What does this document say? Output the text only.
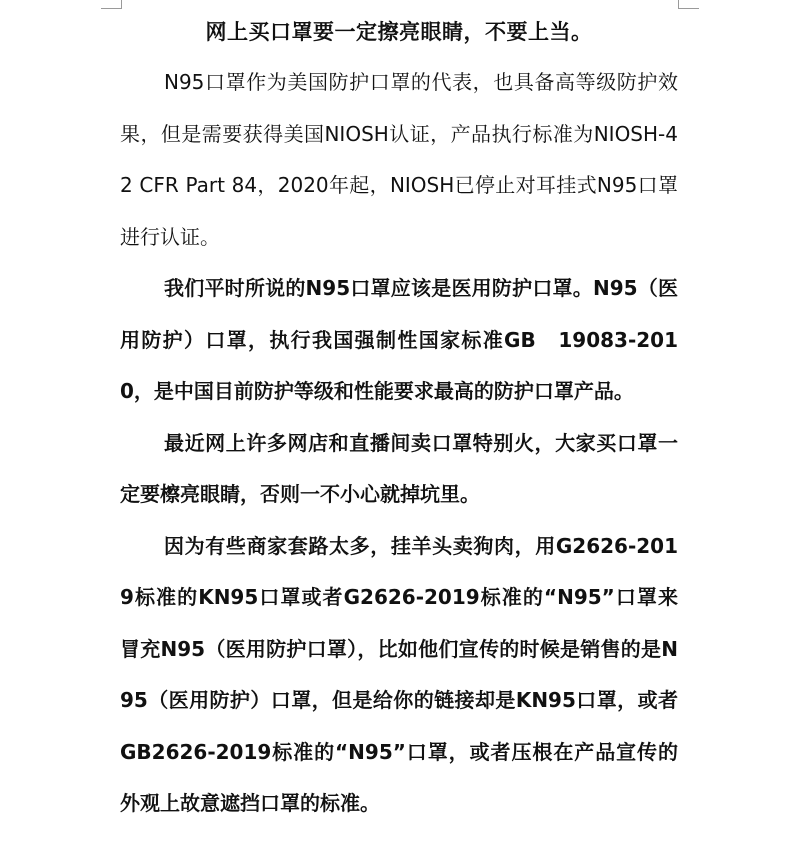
网上买口罩要一定擦亮眼睛，不要上当。

N95口罩作为美国防护口罩的代表，也具备高等级防护效果，但是需要获得美国NIOSH认证，产品执行标准为NIOSH-42 CFR Part 84，2020年起，NIOSH已停止对耳挂式N95口罩进行认证。

我们平时所说的N95口罩应该是医用防护口罩。N95（医用防护）口罩，执行我国强制性国家标准GB　19083-2010，是中国目前防护等级和性能要求最高的防护口罩产品。

最近网上许多网店和直播间卖口罩特别火，大家买口罩一定要檫亮眼睛，否则一不小心就掉坑里。

因为有些商家套路太多，挂羊头卖狗肉，用G2626-2019标准的KN95口罩或者G2626-2019标准的“N95”口罩来冒充N95（医用防护口罩），比如他们宣传的时候是销售的是N95（医用防护）口罩，但是给你的链接却是KN95口罩，或者GB2626-2019标准的“N95”口罩，或者压根在产品宣传的外观上故意遮挡口罩的标准。
